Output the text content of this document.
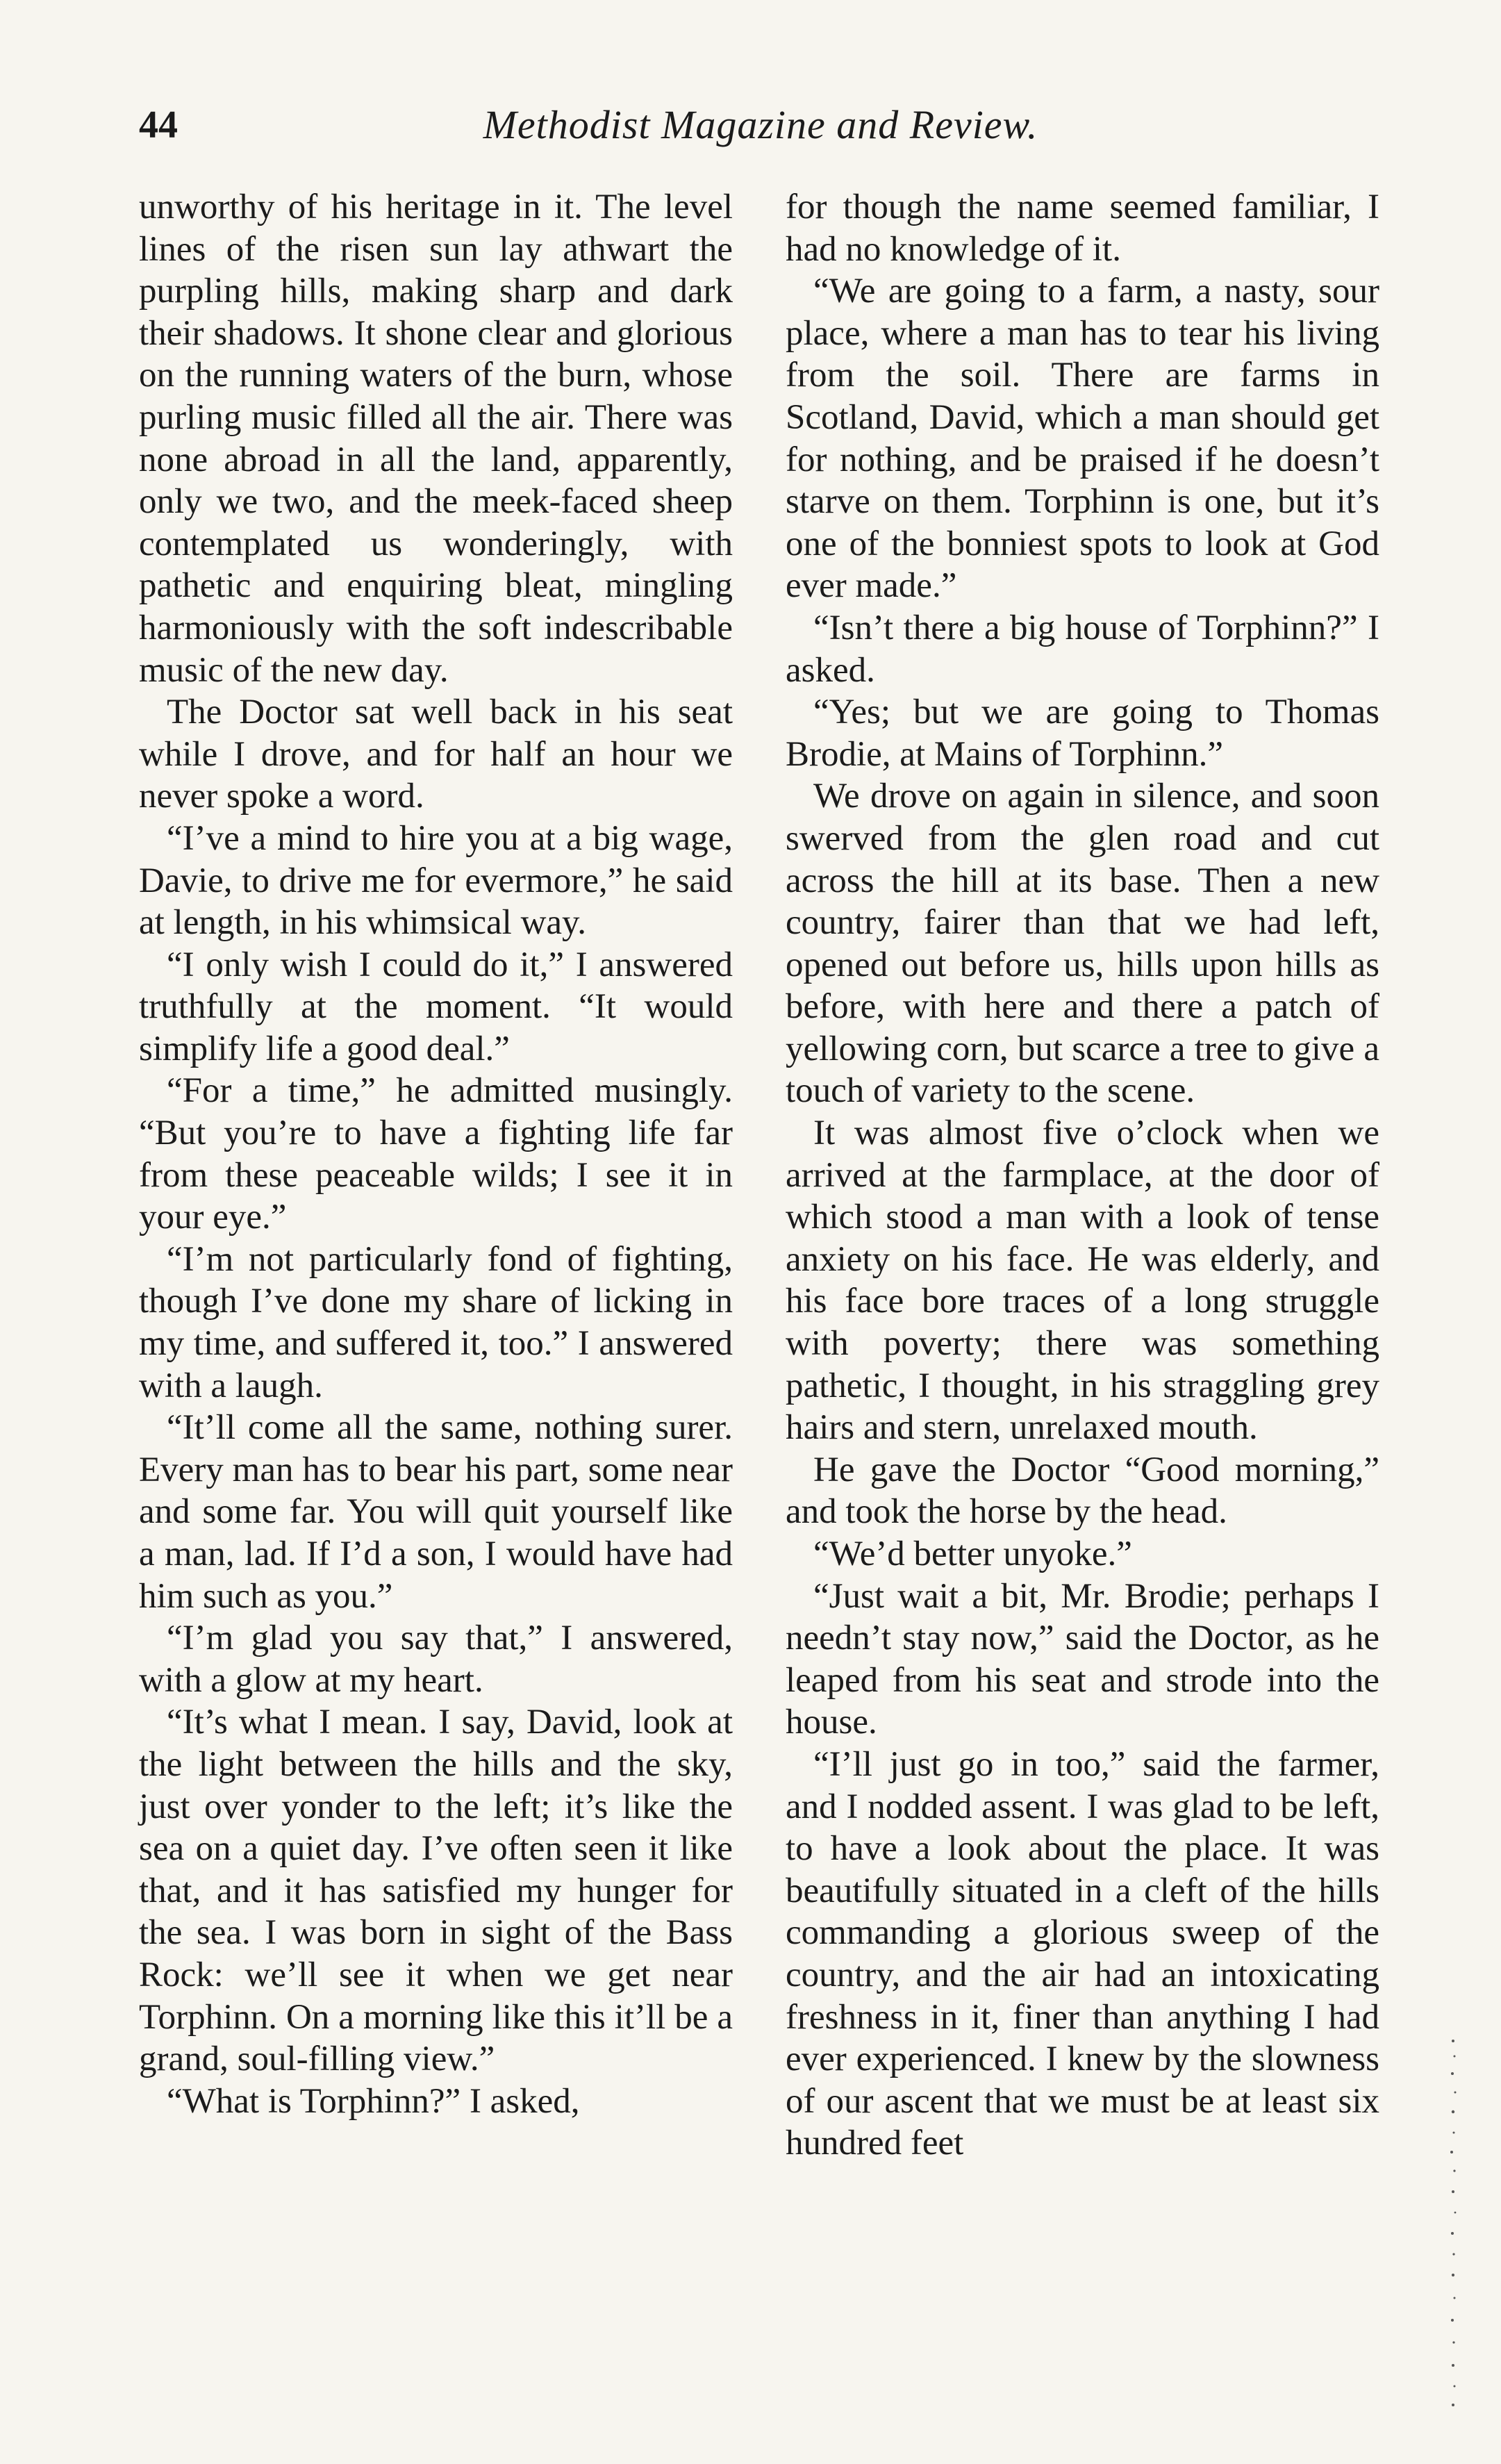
44	Methodist Magazine and Review.

unworthy of his heritage in it. The level lines of the risen sun lay athwart the purpling hills, making sharp and dark their shadows. It shone clear and glorious on the running waters of the burn, whose purling music filled all the air. There was none abroad in all the land, apparently, only we two, and the meek-faced sheep contemplated us wonderingly, with pathetic and enquiring bleat, mingling harmoniously with the soft indescribable music of the new day.

The Doctor sat well back in his seat while I drove, and for half an hour we never spoke a word.

“I’ve a mind to hire you at a big wage, Davie, to drive me for evermore,” he said at length, in his whimsical way.

“I only wish I could do it,” I answered truthfully at the moment. “It would simplify life a good deal.”

“For a time,” he admitted musingly. “But you’re to have a fighting life far from these peaceable wilds; I see it in your eye.”

“I’m not particularly fond of fighting, though I’ve done my share of licking in my time, and suffered it, too.” I answered with a laugh.

“It’ll come all the same, nothing surer. Every man has to bear his part, some near and some far. You will quit yourself like a man, lad. If I’d a son, I would have had him such as you.”

“I’m glad you say that,” I answered, with a glow at my heart.

“It’s what I mean. I say, David, look at the light between the hills and the sky, just over yonder to the left; it’s like the sea on a quiet day. I’ve often seen it like that, and it has satisfied my hunger for the sea. I was born in sight of the Bass Rock: we’ll see it when we get near Torphinn. On a morning like this it’ll be a grand, soul-filling view.”

“What is Torphinn?” I asked,

for though the name seemed familiar, I had no knowledge of it.

“We are going to a farm, a nasty, sour place, where a man has to tear his living from the soil. There are farms in Scotland, David, which a man should get for nothing, and be praised if he doesn’t starve on them. Torphinn is one, but it’s one of the bonniest spots to look at God ever made.”

“Isn’t there a big house of Torphinn?” I asked.

“Yes; but we are going to Thomas Brodie, at Mains of Torphinn.”

We drove on again in silence, and soon swerved from the glen road and cut across the hill at its base. Then a new country, fairer than that we had left, opened out before us, hills upon hills as before, with here and there a patch of yellowing corn, but scarce a tree to give a touch of variety to the scene.

It was almost five o’clock when we arrived at the farmplace, at the door of which stood a man with a look of tense anxiety on his face. He was elderly, and his face bore traces of a long struggle with poverty; there was something pathetic, I thought, in his straggling grey hairs and stern, unrelaxed mouth.

He gave the Doctor “Good morning,” and took the horse by the head.

“We’d better unyoke.”

“Just wait a bit, Mr. Brodie; perhaps I needn’t stay now,” said the Doctor, as he leaped from his seat and strode into the house.

“I’ll just go in too,” said the farmer, and I nodded assent. I was glad to be left, to have a look about the place. It was beautifully situated in a cleft of the hills commanding a glorious sweep of the country, and the air had an intoxicating freshness in it, finer than anything I had ever experienced. I knew by the slowness of our ascent that we must be at least six hundred feet
